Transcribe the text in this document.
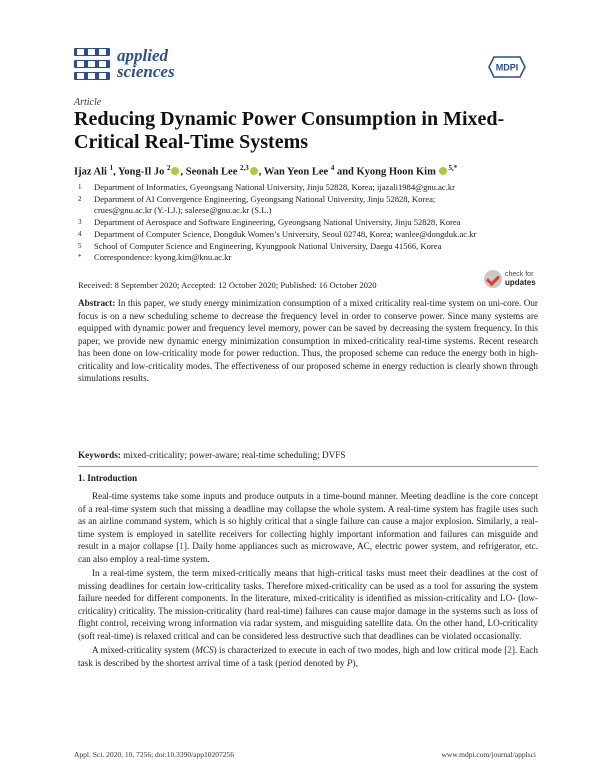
applied
sciences	MDPI
Article
Reducing Dynamic Power Consumption in Mixed-Critical Real-Time Systems
Ijaz Ali $^1$, Yong-Il Jo $^2$ , Seonah Lee $^{2,3}$ , Wan Yeon Lee $^4$ and Kyong Hoon Kim $^{5,*}$
1 Department of Informatics, Gyeongsang National University, Jinju 52828, Korea; ijazali1984@gnu.ac.kr
2 Department of AI Convergence Engineering, Gyeongsang National University, Jinju 52828, Korea;
crues@gnu.ac.kr (Y.-I.J.); saleese@gnu.ac.kr (S.L.)
3 Department of Aerospace and Software Engineering, Gyeongsang National University, Jinju 52828, Korea
4 Department of Computer Science, Dongduk Women’s University, Seoul 02748, Korea; wanlee@dongduk.ac.kr
5 School of Computer Science and Engineering, Kyungpook National University, Daegu 41566, Korea
* Correspondence: kyong.kim@knu.ac.kr
check for
updates
Received: 8 September 2020; Accepted: 12 October 2020; Published: 16 October 2020
Abstract: In this paper, we study energy minimization consumption of a mixed criticality real-time system on uni-core. Our focus is on a new scheduling scheme to decrease the frequency level in order to conserve power. Since many systems are equipped with dynamic power and frequency level memory, power can be saved by decreasing the system frequency. In this paper, we provide new dynamic energy minimization consumption in mixed-criticality real-time systems. Recent research has been done on low-criticality mode for power reduction. Thus, the proposed scheme can reduce the energy both in high-criticality and low-criticality modes. The effectiveness of our proposed scheme in energy reduction is clearly shown through simulations results.
Keywords: mixed-criticality; power-aware; real-time scheduling; DVFS
1. Introduction

Real-time systems take some inputs and produce outputs in a time-bound manner. Meeting deadline is the core concept of a real-time system such that missing a deadline may collapse the whole system. A real-time system has fragile uses such as an airline command system, which is so highly critical that a single failure can cause a major explosion. Similarly, a real-time system is employed in satellite receivers for collecting highly important information and failures can misguide and result in a major collapse [1]. Daily home appliances such as microwave, AC, electric power system, and refrigerator, etc. can also employ a real-time system.

In a real-time system, the term mixed-critically means that high-critical tasks must meet their deadlines at the cost of missing deadlines for certain low-criticality tasks. Therefore mixed-criticality can be used as a tool for assuring the system failure needed for different components. In the literature, mixed-criticality is identified as mission-criticality and LO- (low-criticality) criticality. The mission-criticality (hard real-time) failures can cause major damage in the systems such as loss of flight control, receiving wrong information via radar system, and misguiding satellite data. On the other hand, LO-criticality (soft real-time) is relaxed critical and can be considered less destructive such that deadlines can be violated occasionally.

A mixed-criticality system (MCS) is characterized to execute in each of two modes, high and low critical mode [2]. Each task is described by the shortest arrival time of a task (period denoted by P),

Appl. Sci. 2020, 10, 7256; doi:10.3390/app10207256	www.mdpi.com/journal/applsci
